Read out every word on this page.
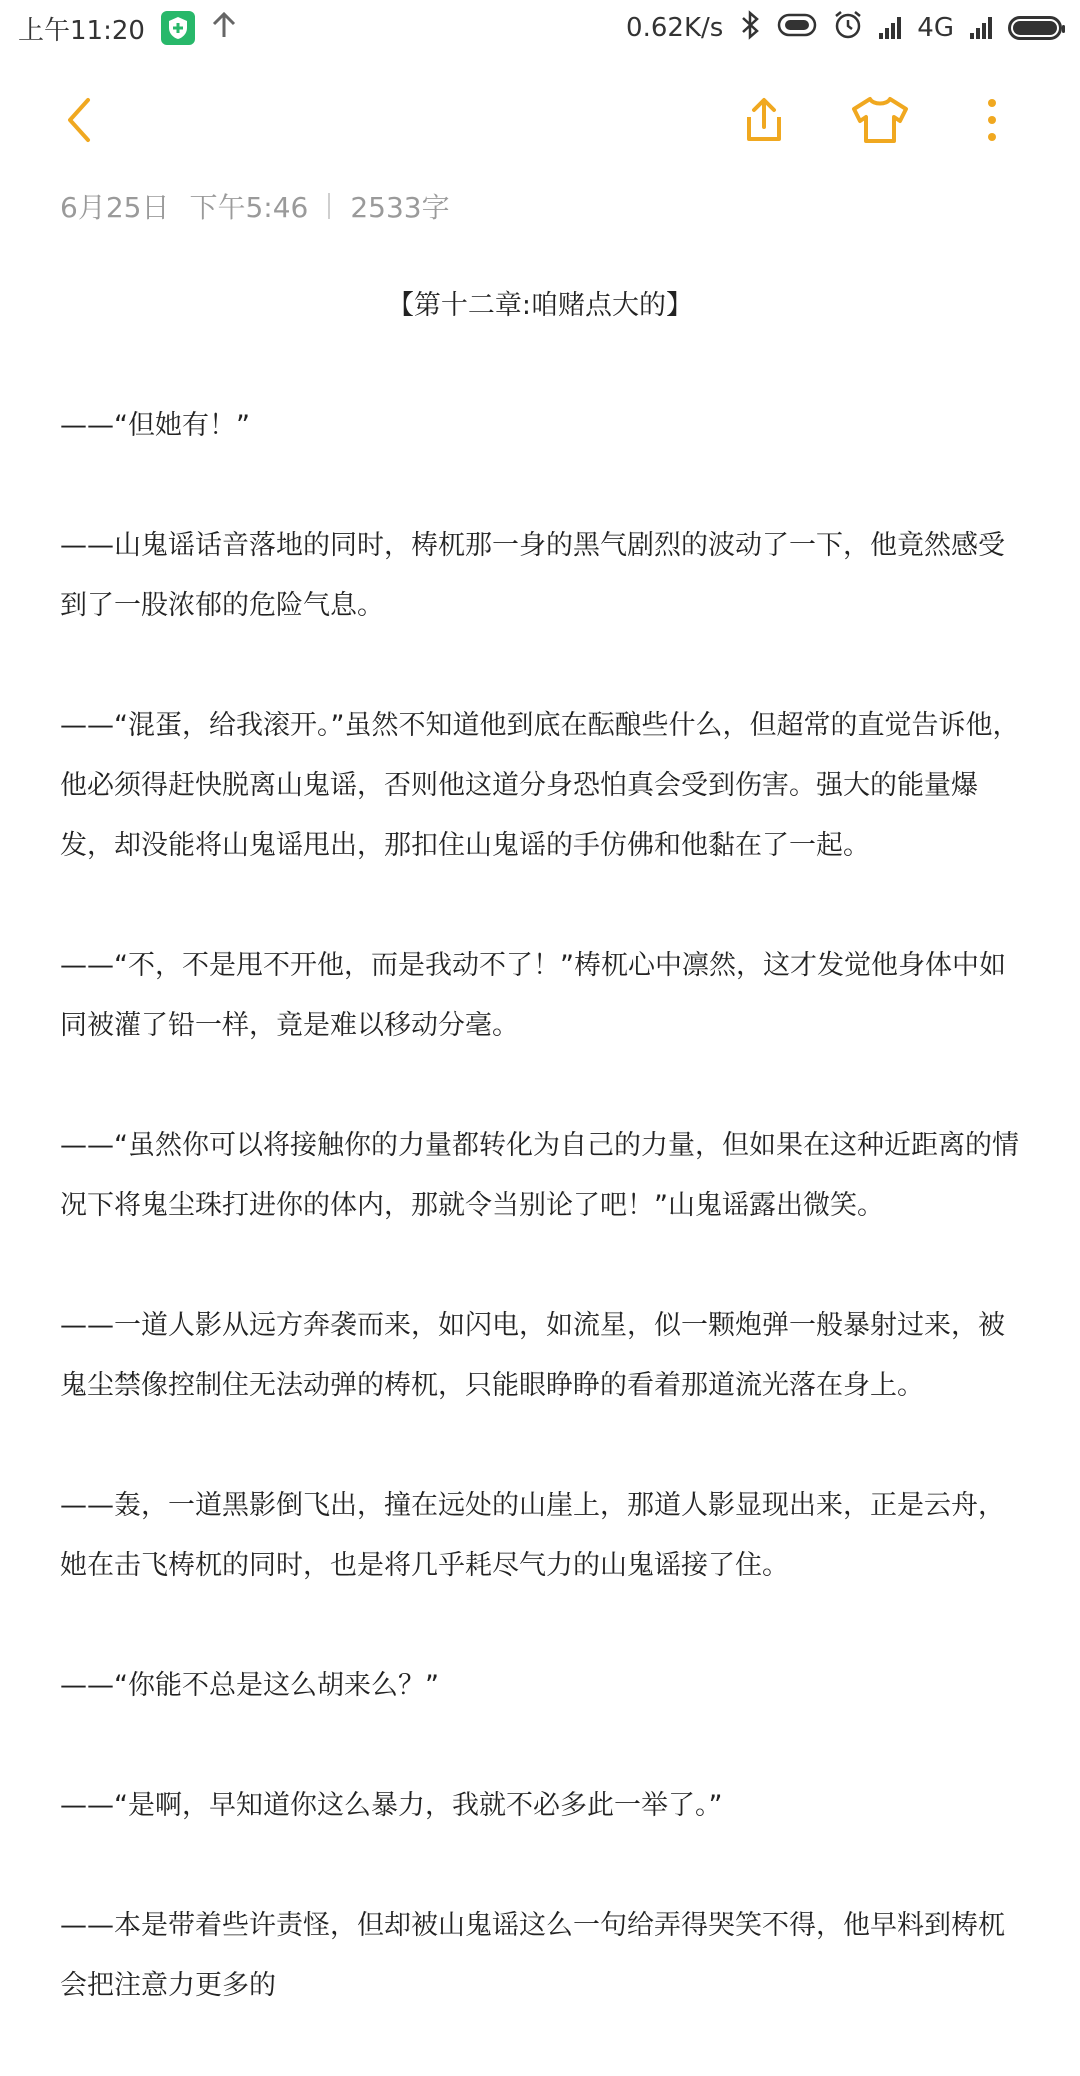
上午11:20	0.62K/s	4G
6月25日 下午5:46 2533字
【第十二章:咱赌点大的】

——“但她有！”

——山鬼谣话音落地的同时，梼杌那一身的黑气剧烈的波动了一下，他竟然感受到了一股浓郁的危险气息。

——“混蛋，给我滚开。”虽然不知道他到底在酝酿些什么，但超常的直觉告诉他，他必须得赶快脱离山鬼谣，否则他这道分身恐怕真会受到伤害。强大的能量爆发，却没能将山鬼谣甩出，那扣住山鬼谣的手仿佛和他黏在了一起。

——“不，不是甩不开他，而是我动不了！”梼杌心中凛然，这才发觉他身体中如同被灌了铅一样，竟是难以移动分毫。

——“虽然你可以将接触你的力量都转化为自己的力量，但如果在这种近距离的情况下将鬼尘珠打进你的体内，那就令当别论了吧！”山鬼谣露出微笑。

——一道人影从远方奔袭而来，如闪电，如流星，似一颗炮弹一般暴射过来，被鬼尘禁像控制住无法动弹的梼杌，只能眼睁睁的看着那道流光落在身上。

——轰，一道黑影倒飞出，撞在远处的山崖上，那道人影显现出来，正是云舟，她在击飞梼杌的同时，也是将几乎耗尽气力的山鬼谣接了住。

——“你能不总是这么胡来么？”

——“是啊，早知道你这么暴力，我就不必多此一举了。”

——本是带着些许责怪，但却被山鬼谣这么一句给弄得哭笑不得，他早料到梼杌会把注意力更多的
